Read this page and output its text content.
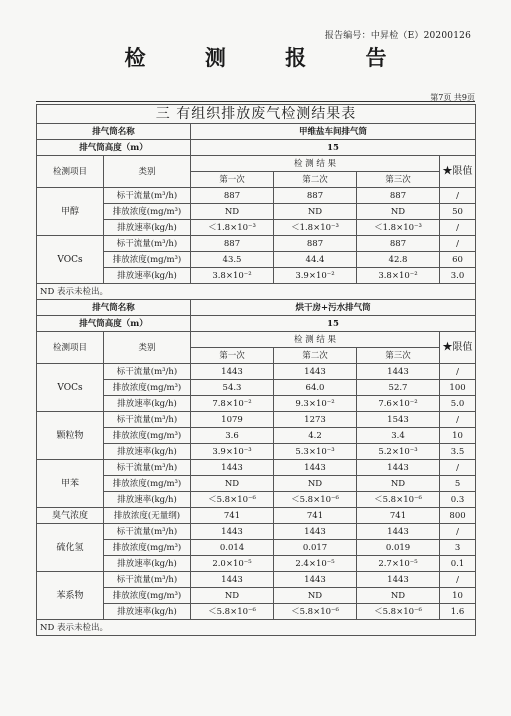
报告编号：中昇检（E）20200126
检 测 报 告
第7页 共9页
三 有组织排放废气检测结果表					
排气筒名称		甲维盐车间排气筒			
排气筒高度（m）		15			
检测项目	类别	检 测 结 果			★限值
		第一次	第二次	第三次	
甲醇	标干流量(m³/h)	887	887	887	/
	排放浓度(mg/m³)	ND	ND	ND	50
	排放速率(kg/h)	＜1.8×10⁻³	＜1.8×10⁻³	＜1.8×10⁻³	/
VOCs	标干流量(m³/h)	887	887	887	/
	排放浓度(mg/m³)	43.5	44.4	42.8	60
	排放速率(kg/h)	3.8×10⁻²	3.9×10⁻²	3.8×10⁻²	3.0
ND 表示未检出。					
排气筒名称		烘干房+污水排气筒			
排气筒高度（m）		15			
检测项目	类别	检 测 结 果			★限值
		第一次	第二次	第三次	
VOCs	标干流量(m³/h)	1443	1443	1443	/
	排放浓度(mg/m³)	54.3	64.0	52.7	100
	排放速率(kg/h)	7.8×10⁻²	9.3×10⁻²	7.6×10⁻²	5.0
颗粒物	标干流量(m³/h)	1079	1273	1543	/
	排放浓度(mg/m³)	3.6	4.2	3.4	10
	排放速率(kg/h)	3.9×10⁻³	5.3×10⁻³	5.2×10⁻³	3.5
甲苯	标干流量(m³/h)	1443	1443	1443	/
	排放浓度(mg/m³)	ND	ND	ND	5
	排放速率(kg/h)	＜5.8×10⁻⁶	＜5.8×10⁻⁶	＜5.8×10⁻⁶	0.3
臭气浓度	排放浓度(无量纲)	741	741	741	800
硫化氢	标干流量(m³/h)	1443	1443	1443	/
	排放浓度(mg/m³)	0.014	0.017	0.019	3
	排放速率(kg/h)	2.0×10⁻⁵	2.4×10⁻⁵	2.7×10⁻⁵	0.1
苯系物	标干流量(m³/h)	1443	1443	1443	/
	排放浓度(mg/m³)	ND	ND	ND	10
	排放速率(kg/h)	＜5.8×10⁻⁶	＜5.8×10⁻⁶	＜5.8×10⁻⁶	1.6
ND 表示未检出。					
